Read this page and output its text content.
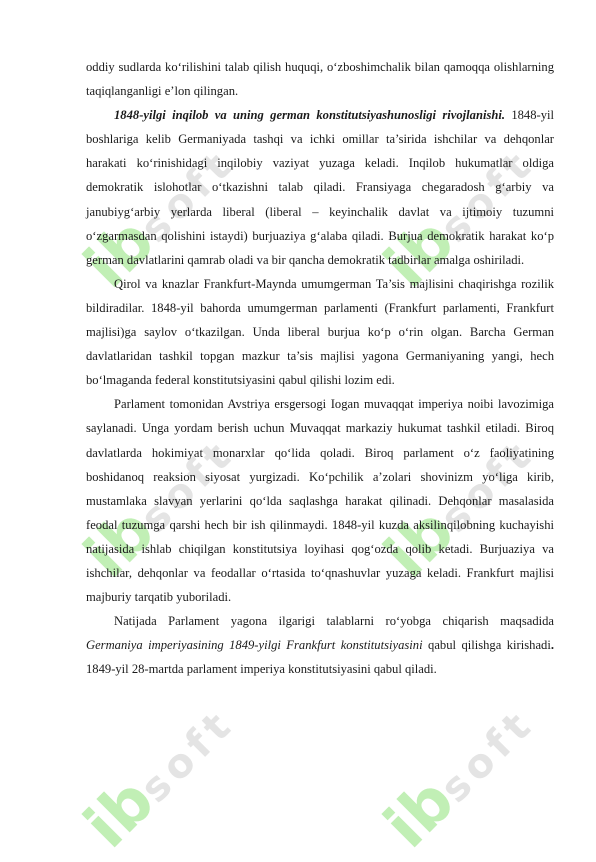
ibsoft
ibsoft
ibsoft
ibsoft
ibsoft
ibsoft

oddiy sudlarda ko‘rilishini talab qilish huquqi, o‘zboshimchalik bilan qamoqqa olishlarning taqiqlanganligi e’lon qilingan.

1848-yilgi inqilob va uning german konstitutsiyashunosligi rivojlanishi. 1848-yil boshlariga kelib Germaniyada tashqi va ichki omillar ta’sirida ishchilar va dehqonlar harakati ko‘rinishidagi inqilobiy vaziyat yuzaga keladi. Inqilob hukumatlar oldiga demokratik islohotlar o‘tkazishni talab qiladi. Fransiyaga chegaradosh g‘arbiy va janubiyg‘arbiy yerlarda liberal (liberal – keyinchalik davlat va ijtimoiy tuzumni o‘zgarmasdan qolishini istaydi) burjuaziya g‘alaba qiladi. Burjua demokratik harakat ko‘p german davlatlarini qamrab oladi va bir qancha demokratik tadbirlar amalga oshiriladi.

Qirol va knazlar Frankfurt-Maynda umumgerman Ta’sis majlisini chaqirishga rozilik bildiradilar. 1848-yil bahorda umumgerman parlamenti (Frankfurt parlamenti, Frankfurt majlisi)ga saylov o‘tkazilgan. Unda liberal burjua ko‘p o‘rin olgan. Barcha German davlatlaridan tashkil topgan mazkur ta’sis majlisi yagona Germaniyaning yangi, hech bo‘lmaganda federal konstitutsiyasini qabul qilishi lozim edi.

Parlament tomonidan Avstriya ersgersogi Iogan muvaqqat imperiya noibi lavozimiga saylanadi. Unga yordam berish uchun Muvaqqat markaziy hukumat tashkil etiladi. Biroq davlatlarda hokimiyat monarxlar qo‘lida qoladi. Biroq parlament o‘z faoliyatining boshidanoq reaksion siyosat yurgizadi. Ko‘pchilik a’zolari shovinizm yo‘liga kirib, mustamlaka slavyan yerlarini qo‘lda saqlashga harakat qilinadi. Dehqonlar masalasida feodal tuzumga qarshi hech bir ish qilinmaydi. 1848-yil kuzda aksilinqilobning kuchayishi natijasida ishlab chiqilgan konstitutsiya loyihasi qog‘ozda qolib ketadi. Burjuaziya va ishchilar, dehqonlar va feodallar o‘rtasida to‘qnashuvlar yuzaga keladi. Frankfurt majlisi majburiy tarqatib yuboriladi.

Natijada Parlament yagona ilgarigi talablarni ro‘yobga chiqarish maqsadida Germaniya imperiyasining 1849-yilgi Frankfurt konstitutsiyasini qabul qilishga kirishadi. 1849-yil 28-martda parlament imperiya konstitutsiyasini qabul qiladi.
